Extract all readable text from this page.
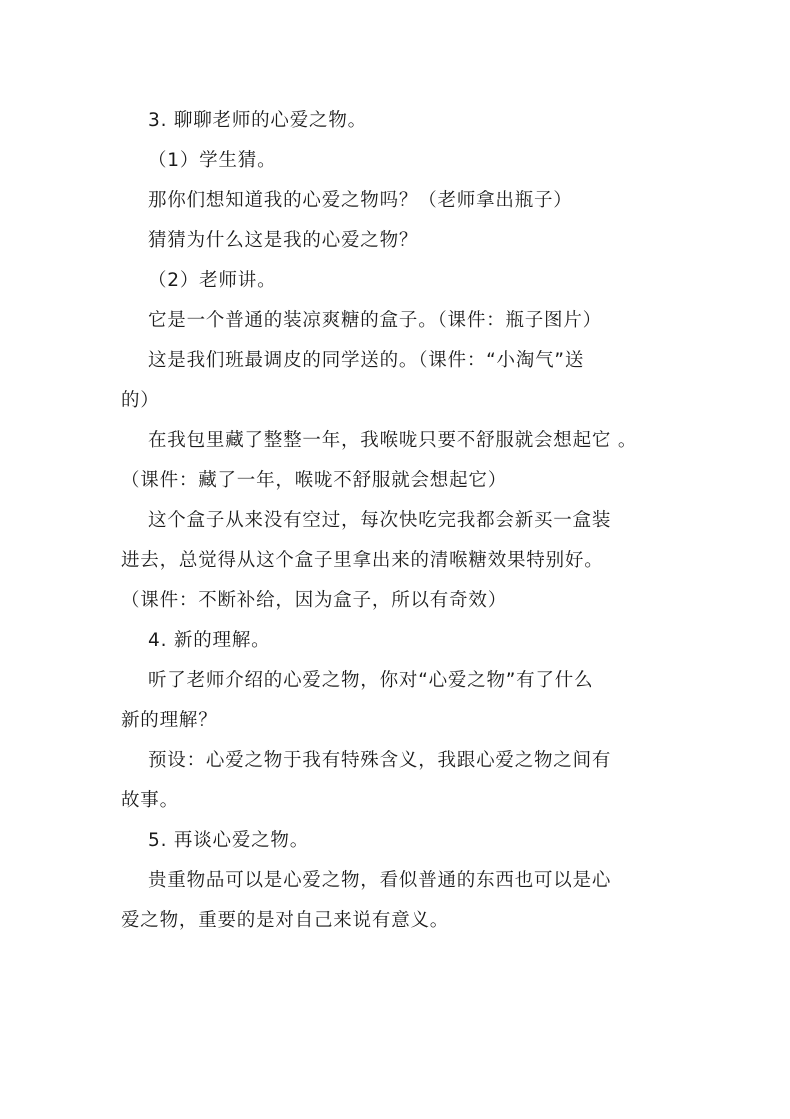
3. 聊聊老师的心爱之物。
（1）学生猜。
那你们想知道我的心爱之物吗？（老师拿出瓶子）
猜猜为什么这是我的心爱之物？
（2）老师讲。
它是一个普通的装凉爽糖的盒子。（课件：瓶子图片）
这是我们班最调皮的同学送的。（课件：“小淘气”送
的）
在我包里藏了整整一年，我喉咙只要不舒服就会想起它 。
（课件：藏了一年，喉咙不舒服就会想起它）
这个盒子从来没有空过，每次快吃完我都会新买一盒装
进去，总觉得从这个盒子里拿出来的清喉糖效果特别好。
（课件：不断补给，因为盒子，所以有奇效）
4. 新的理解。
听了老师介绍的心爱之物，你对“心爱之物”有了什么
新的理解？
预设：心爱之物于我有特殊含义，我跟心爱之物之间有
故事。
5. 再谈心爱之物。
贵重物品可以是心爱之物，看似普通的东西也可以是心
爱之物，重要的是对自己来说有意义。
